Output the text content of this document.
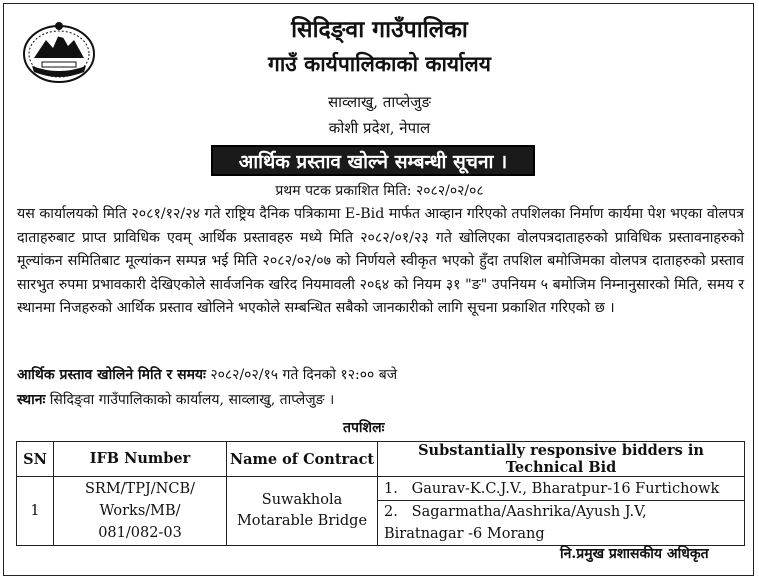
सिदिङ्वा गाउँपालिका
गाउँ कार्यपालिकाको कार्यालय
साव्लाखु, ताप्लेजुङ
कोशी प्रदेश, नेपाल
आर्थिक प्रस्ताव खोल्ने सम्बन्धी सूचना ।
प्रथम पटक प्रकाशित मिति: २०८२/०२/०८

यस कार्यालयको मिति २०८१/१२/२४ गते राष्ट्रिय दैनिक पत्रिकामा E-Bid मार्फत आव्हान गरिएको तपशिलका निर्माण कार्यमा पेश भएका वोलपत्र दाताहरुबाट प्राप्त प्राविधिक एवम् आर्थिक प्रस्तावहरु मध्ये मिति २०८२/०१/२३ गते खोलिएका वोलपत्रदाताहरुको प्राविधिक प्रस्तावनाहरुको मूल्यांकन समितिबाट मूल्यांकन सम्पन्न भई मिति २०८२/०२/०७ को निर्णयले स्वीकृत भएको हुँदा तपशिल बमोजिमका वोलपत्र दाताहरुको प्रस्ताव सारभुत रुपमा प्रभावकारी देखिएकोले सार्वजनिक खरिद नियमावली २०६४ को नियम ३१ "ङ" उपनियम ५ बमोजिम निम्नानुसारको मिति, समय र स्थानमा निजहरुको आर्थिक प्रस्ताव खोलिने भएकोले सम्बन्धित सबैको जानकारीको लागि सूचना प्रकाशित गरिएको छ ।

आर्थिक प्रस्ताव खोलिने मिति र समयः २०८२/०२/१५ गते दिनको १२:०० बजे
स्थानः सिदिङ्वा गाउँपालिकाको कार्यालय, साव्लाखु, ताप्लेजुङ ।
तपशिलः
SN	IFB Number	Name of Contract	Substantially responsive bidders in Technical Bid
1	SRM/TPJ/NCB/
Works/MB/
081/082-03	Suwakhola
Motarable Bridge	1. Gaurav-K.C.J.V., Bharatpur-16 Furtichowk
			2. Sagarmatha/Aashrika/Ayush J.V,
Biratnagar -6 Morang
नि.प्रमुख प्रशासकीय अधिकृत
